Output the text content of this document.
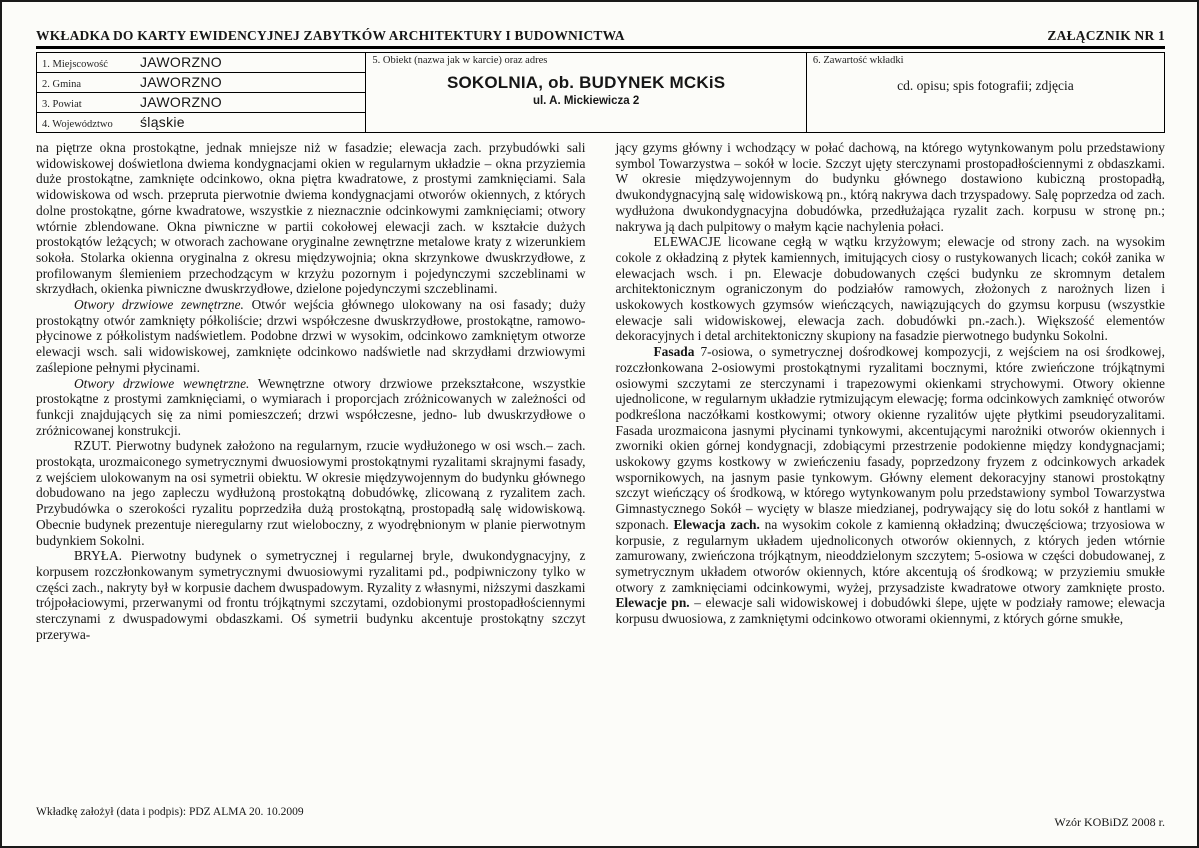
WKŁADKA DO KARTY EWIDENCYJNEJ ZABYTKÓW ARCHITEKTURY I BUDOWNICTWA	ZAŁĄCZNIK NR 1
1. Miejscowość JAWORZNO	5. Obiekt (nazwa jak w karcie) oraz adres
SOKOLNIA, ob. BUDYNEK MCKiS
ul. A. Mickiewicza 2

6. Zawartość wkładki
cd. opisu; spis fotografii; zdjęcia

2. Gmina	JAWORZNO
3. Powiat	JAWORZNO
4. Województwo śląskie

na piętrze okna prostokątne, jednak mniejsze niż w fasadzie; elewacja zach. przybudówki sali widowiskowej doświetlona dwiema kondygnacjami okien w regularnym układzie – okna przyziemia duże prostokątne, zamknięte odcinkowo, okna piętra kwadratowe, z prostymi zamknięciami. Sala widowiskowa od wsch. przepruta pierwotnie dwiema kondygnacjami otworów okiennych, z których dolne prostokątne, górne kwadratowe, wszystkie z nieznacznie odcinkowymi zamknięciami; otwory wtórnie zblendowane. Okna piwniczne w partii cokołowej elewacji zach. w kształcie dużych prostokątów leżących; w otworach zachowane oryginalne zewnętrzne metalowe kraty z wizerunkiem sokoła. Stolarka okienna oryginalna z okresu międzywojnia; okna skrzynkowe dwuskrzydłowe, z profilowanym ślemieniem przechodzącym w krzyżu pozornym i pojedynczymi szczeblinami w skrzydłach, okienka piwniczne dwuskrzydłowe, dzielone pojedynczymi szczeblinami.

Otwory drzwiowe zewnętrzne. Otwór wejścia głównego ulokowany na osi fasady; duży prostokątny otwór zamknięty półkoliście; drzwi współczesne dwuskrzydłowe, prostokątne, ramowo-płycinowe z półkolistym nadświetlem. Podobne drzwi w wysokim, odcinkowo zamkniętym otworze elewacji wsch. sali widowiskowej, zamknięte odcinkowo nadświetle nad skrzydłami drzwiowymi zaślepione pełnymi płycinami.

Otwory drzwiowe wewnętrzne. Wewnętrzne otwory drzwiowe przekształcone, wszystkie prostokątne z prostymi zamknięciami, o wymiarach i proporcjach zróżnicowanych w zależności od funkcji znajdujących się za nimi pomieszczeń; drzwi współczesne, jedno- lub dwuskrzydłowe o zróżnicowanej konstrukcji.

RZUT. Pierwotny budynek założono na regularnym, rzucie wydłużonego w osi wsch.– zach. prostokąta, urozmaiconego symetrycznymi dwuosiowymi prostokątnymi ryzalitami skrajnymi fasady, z wejściem ulokowanym na osi symetrii obiektu. W okresie międzywojennym do budynku głównego dobudowano na jego zapleczu wydłużoną prostokątną dobudówkę, zlicowaną z ryzalitem zach. Przybudówka o szerokości ryzalitu poprzedziła dużą prostokątną, prostopadłą salę widowiskową. Obecnie budynek prezentuje nieregularny rzut wieloboczny, z wyodrębnionym w planie pierwotnym budynkiem Sokolni.

BRYŁA. Pierwotny budynek o symetrycznej i regularnej bryle, dwukondygnacyjny, z korpusem rozczłonkowanym symetrycznymi dwuosiowymi ryzalitami pd., podpiwniczony tylko w części zach., nakryty był w korpusie dachem dwuspadowym. Ryzality z własnymi, niższymi daszkami trójpołaciowymi, przerwanymi od frontu trójkątnymi szczytami, ozdobionymi prostopadłościennymi sterczynami z dwuspadowymi obdaszkami. Oś symetrii budynku akcentuje prostokątny szczyt przerywa-

jący gzyms główny i wchodzący w połać dachową, na którego wytynkowanym polu przedstawiony symbol Towarzystwa – sokół w locie. Szczyt ujęty sterczynami prostopadłościennymi z obdaszkami. W okresie międzywojennym do budynku głównego dostawiono kubiczną prostopadłą, dwukondygnacyjną salę widowiskową pn., którą nakrywa dach trzyspadowy. Salę poprzedza od zach. wydłużona dwukondygnacyjna dobudówka, przedłużająca ryzalit zach. korpusu w stronę pn.; nakrywa ją dach pulpitowy o małym kącie nachylenia połaci.

ELEWACJE licowane cegłą w wątku krzyżowym; elewacje od strony zach. na wysokim cokole z okładziną z płytek kamiennych, imitujących ciosy o rustykowanych licach; cokół zanika w elewacjach wsch. i pn. Elewacje dobudowanych części budynku ze skromnym detalem architektonicznym ograniczonym do podziałów ramowych, złożonych z narożnych lizen i uskokowych kostkowych gzymsów wieńczących, nawiązujących do gzymsu korpusu (wszystkie elewacje sali widowiskowej, elewacja zach. dobudówki pn.-zach.). Większość elementów dekoracyjnych i detal architektoniczny skupiony na fasadzie pierwotnego budynku Sokolni.

Fasada 7-osiowa, o symetrycznej dośrodkowej kompozycji, z wejściem na osi środkowej, rozczłonkowana 2-osiowymi prostokątnymi ryzalitami bocznymi, które zwieńczone trójkątnymi osiowymi szczytami ze sterczynami i trapezowymi okienkami strychowymi. Otwory okienne ujednolicone, w regularnym układzie rytmizującym elewację; forma odcinkowych zamknięć otworów podkreślona naczółkami kostkowymi; otwory okienne ryzalitów ujęte płytkimi pseudoryzalitami. Fasada urozmaicona jasnymi płycinami tynkowymi, akcentującymi narożniki otworów okiennych i zworniki okien górnej kondygnacji, zdobiącymi przestrzenie podokienne między kondygnacjami; uskokowy gzyms kostkowy w zwieńczeniu fasady, poprzedzony fryzem z odcinkowych arkadek wspornikowych, na jasnym pasie tynkowym. Główny element dekoracyjny stanowi prostokątny szczyt wieńczący oś środkową, w którego wytynkowanym polu przedstawiony symbol Towarzystwa Gimnastycznego Sokół – wycięty w blasze miedzianej, podrywający się do lotu sokół z hantlami w szponach. Elewacja zach. na wysokim cokole z kamienną okładziną; dwuczęściowa; trzyosiowa w korpusie, z regularnym układem ujednoliconych otworów okiennych, z których jeden wtórnie zamurowany, zwieńczona trójkątnym, nieoddzielonym szczytem; 5-osiowa w części dobudowanej, z symetrycznym układem otworów okiennych, które akcentują oś środkową; w przyziemiu smukłe otwory z zamknięciami odcinkowymi, wyżej, przysadziste kwadratowe otwory zamknięte prosto. Elewacje pn. – elewacje sali widowiskowej i dobudówki ślepe, ujęte w podziały ramowe; elewacja korpusu dwuosiowa, z zamkniętymi odcinkowo otworami okiennymi, z których górne smukłe,

Wkładkę założył (data i podpis): PDZ ALMA 20. 10.2009
Wzór KOBiDZ 2008 r.
